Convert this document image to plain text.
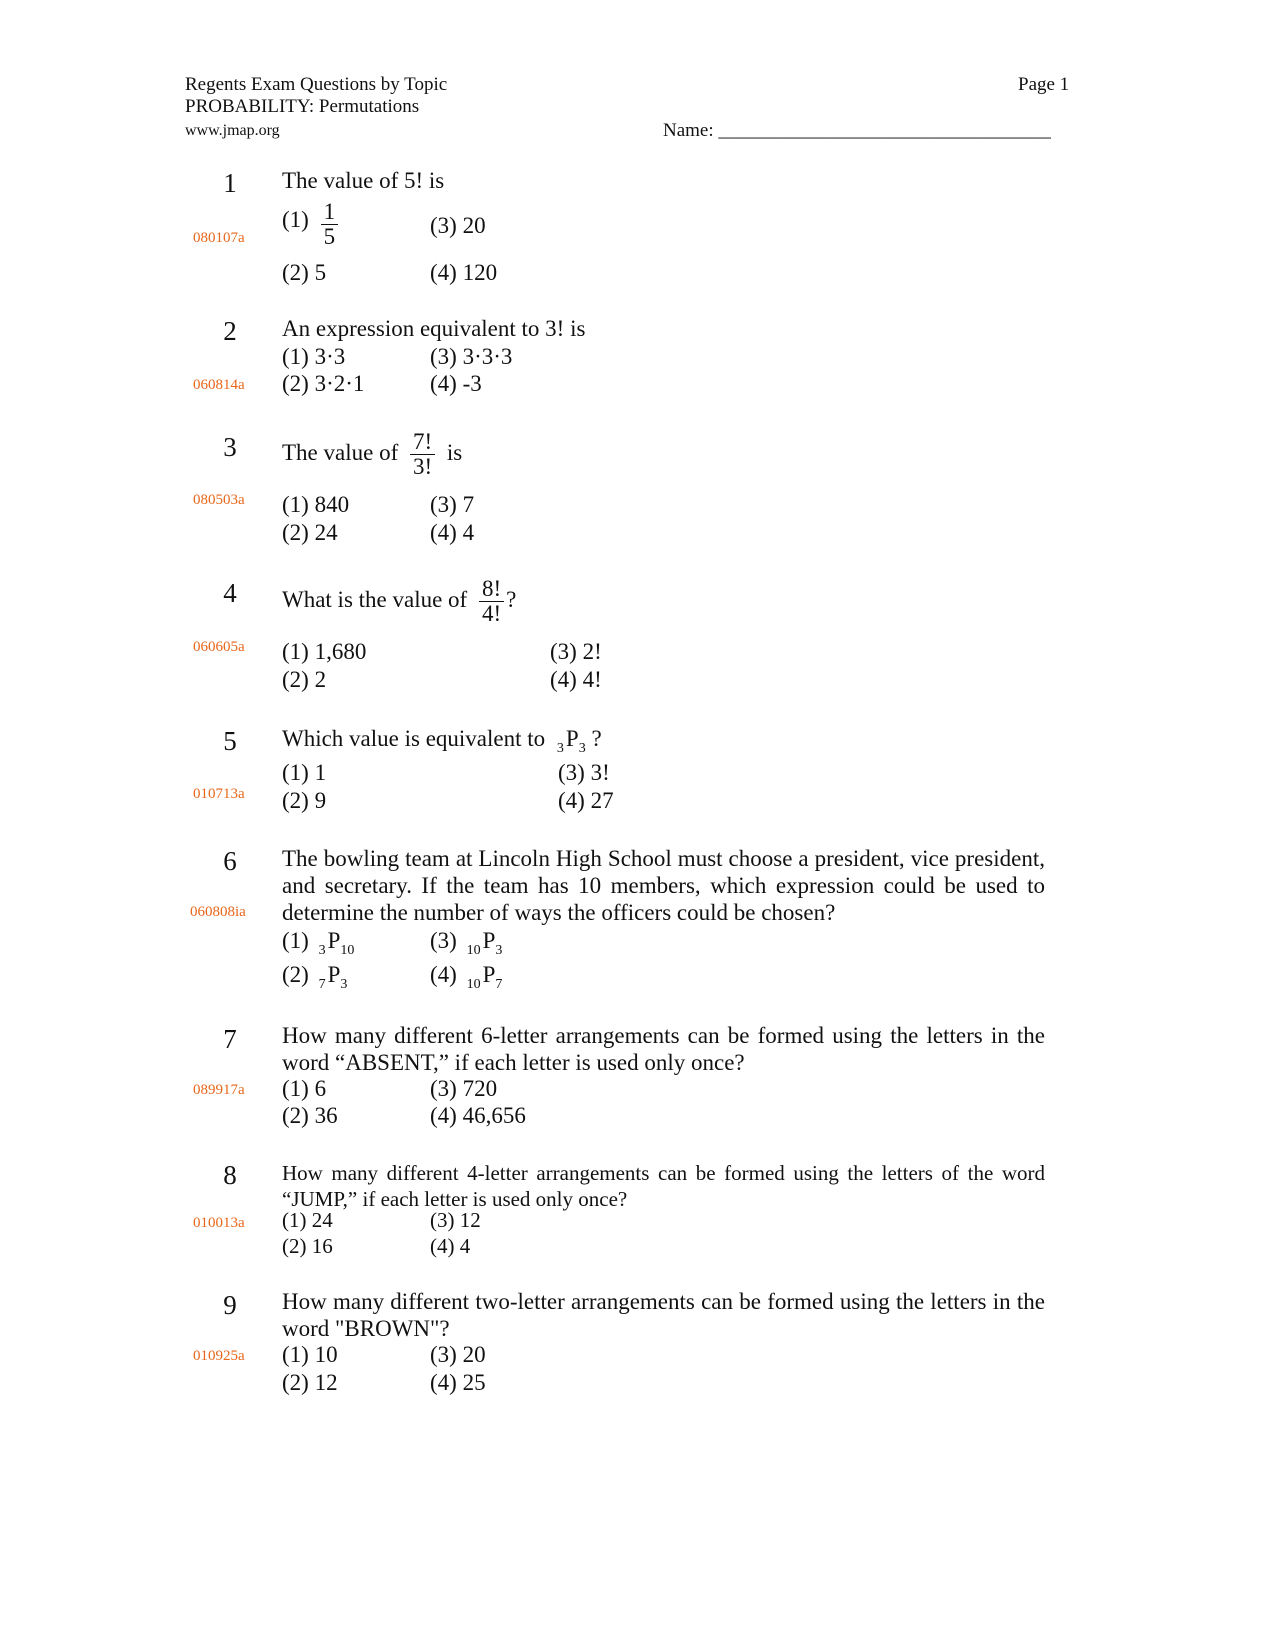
Regents Exam Questions by Topic
PROBABILITY: Permutations
www.jmap.org
Page 1
Name: ___________________________________
1
080107a
The value of 5! is
$(1) \frac{1}{5}$	(3) 20
(2) 5	(4) 120
2
060814a
An expression equivalent to 3! is
(1) 3·3	(3) 3·3·3
(2) 3·2·1	(4) -3
3
080503a
The value of $\frac{7!}{3!}$ is
(1) 840	(3) 7
(2) 24	(4) 4
4
060605a
What is the value of $\frac{8!}{4!}$ ?
(1) 1,680	(3) 2!
(2) 2	(4) 4!
5
010713a
Which value is equivalent to $_3P_3$ ?
(1) 1	(3) 3!
(2) 9	(4) 27
6
060808ia
The bowling team at Lincoln High School must choose a president, vice president, and secretary. If the team has 10 members, which expression could be used to determine the number of ways the officers could be chosen?
(1) $_3P_{10}$	(3) $_{10}P_3$
(2) $_7P_3$	(4) $_{10}P_7$
7
089917a
How many different 6-letter arrangements can be formed using the letters in the word “ABSENT,” if each letter is used only once?
(1) 6	(3) 720
(2) 36	(4) 46,656
8
010013a
How many different 4-letter arrangements can be formed using the letters of the word “JUMP,” if each letter is used only once?
(1) 24	(3) 12
(2) 16	(4) 4
9
010925a
How many different two-letter arrangements can be formed using the letters in the word "BROWN"?
(1) 10	(3) 20
(2) 12	(4) 25
